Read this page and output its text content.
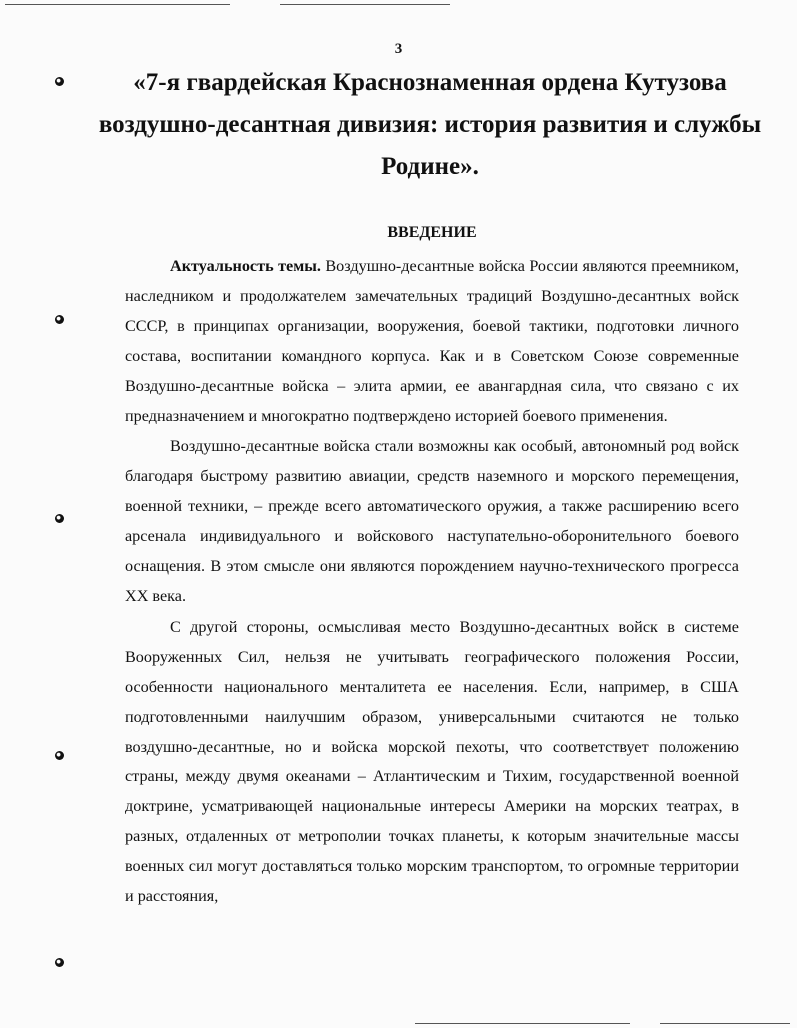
3
«7-я гвардейская Краснознаменная ордена Кутузова воздушно-десантная дивизия: история развития и службы Родине».
ВВЕДЕНИЕ

Актуальность темы. Воздушно-десантные войска России являются преемником, наследником и продолжателем замечательных традиций Воздушно-десантных войск СССР, в принципах организации, вооружения, боевой тактики, подготовки личного состава, воспитании командного корпуса. Как и в Советском Союзе современные Воздушно-десантные войска – элита армии, ее авангардная сила, что связано с их предназначением и многократно подтверждено историей боевого применения.

Воздушно-десантные войска стали возможны как особый, автономный род войск благодаря быстрому развитию авиации, средств наземного и морского перемещения, военной техники, – прежде всего автоматического оружия, а также расширению всего арсенала индивидуального и войскового наступательно-оборонительного боевого оснащения. В этом смысле они являются порождением научно-технического прогресса XX века.

С другой стороны, осмысливая место Воздушно-десантных войск в системе Вооруженных Сил, нельзя не учитывать географического положения России, особенности национального менталитета ее населения. Если, например, в США подготовленными наилучшим образом, универсальными считаются не только воздушно-десантные, но и войска морской пехоты, что соответствует положению страны, между двумя океанами – Атлантическим и Тихим, государственной военной доктрине, усматривающей национальные интересы Америки на морских театрах, в разных, отдаленных от метрополии точках планеты, к которым значительные массы военных сил могут доставляться только морским транспортом, то огромные территории и расстояния,
